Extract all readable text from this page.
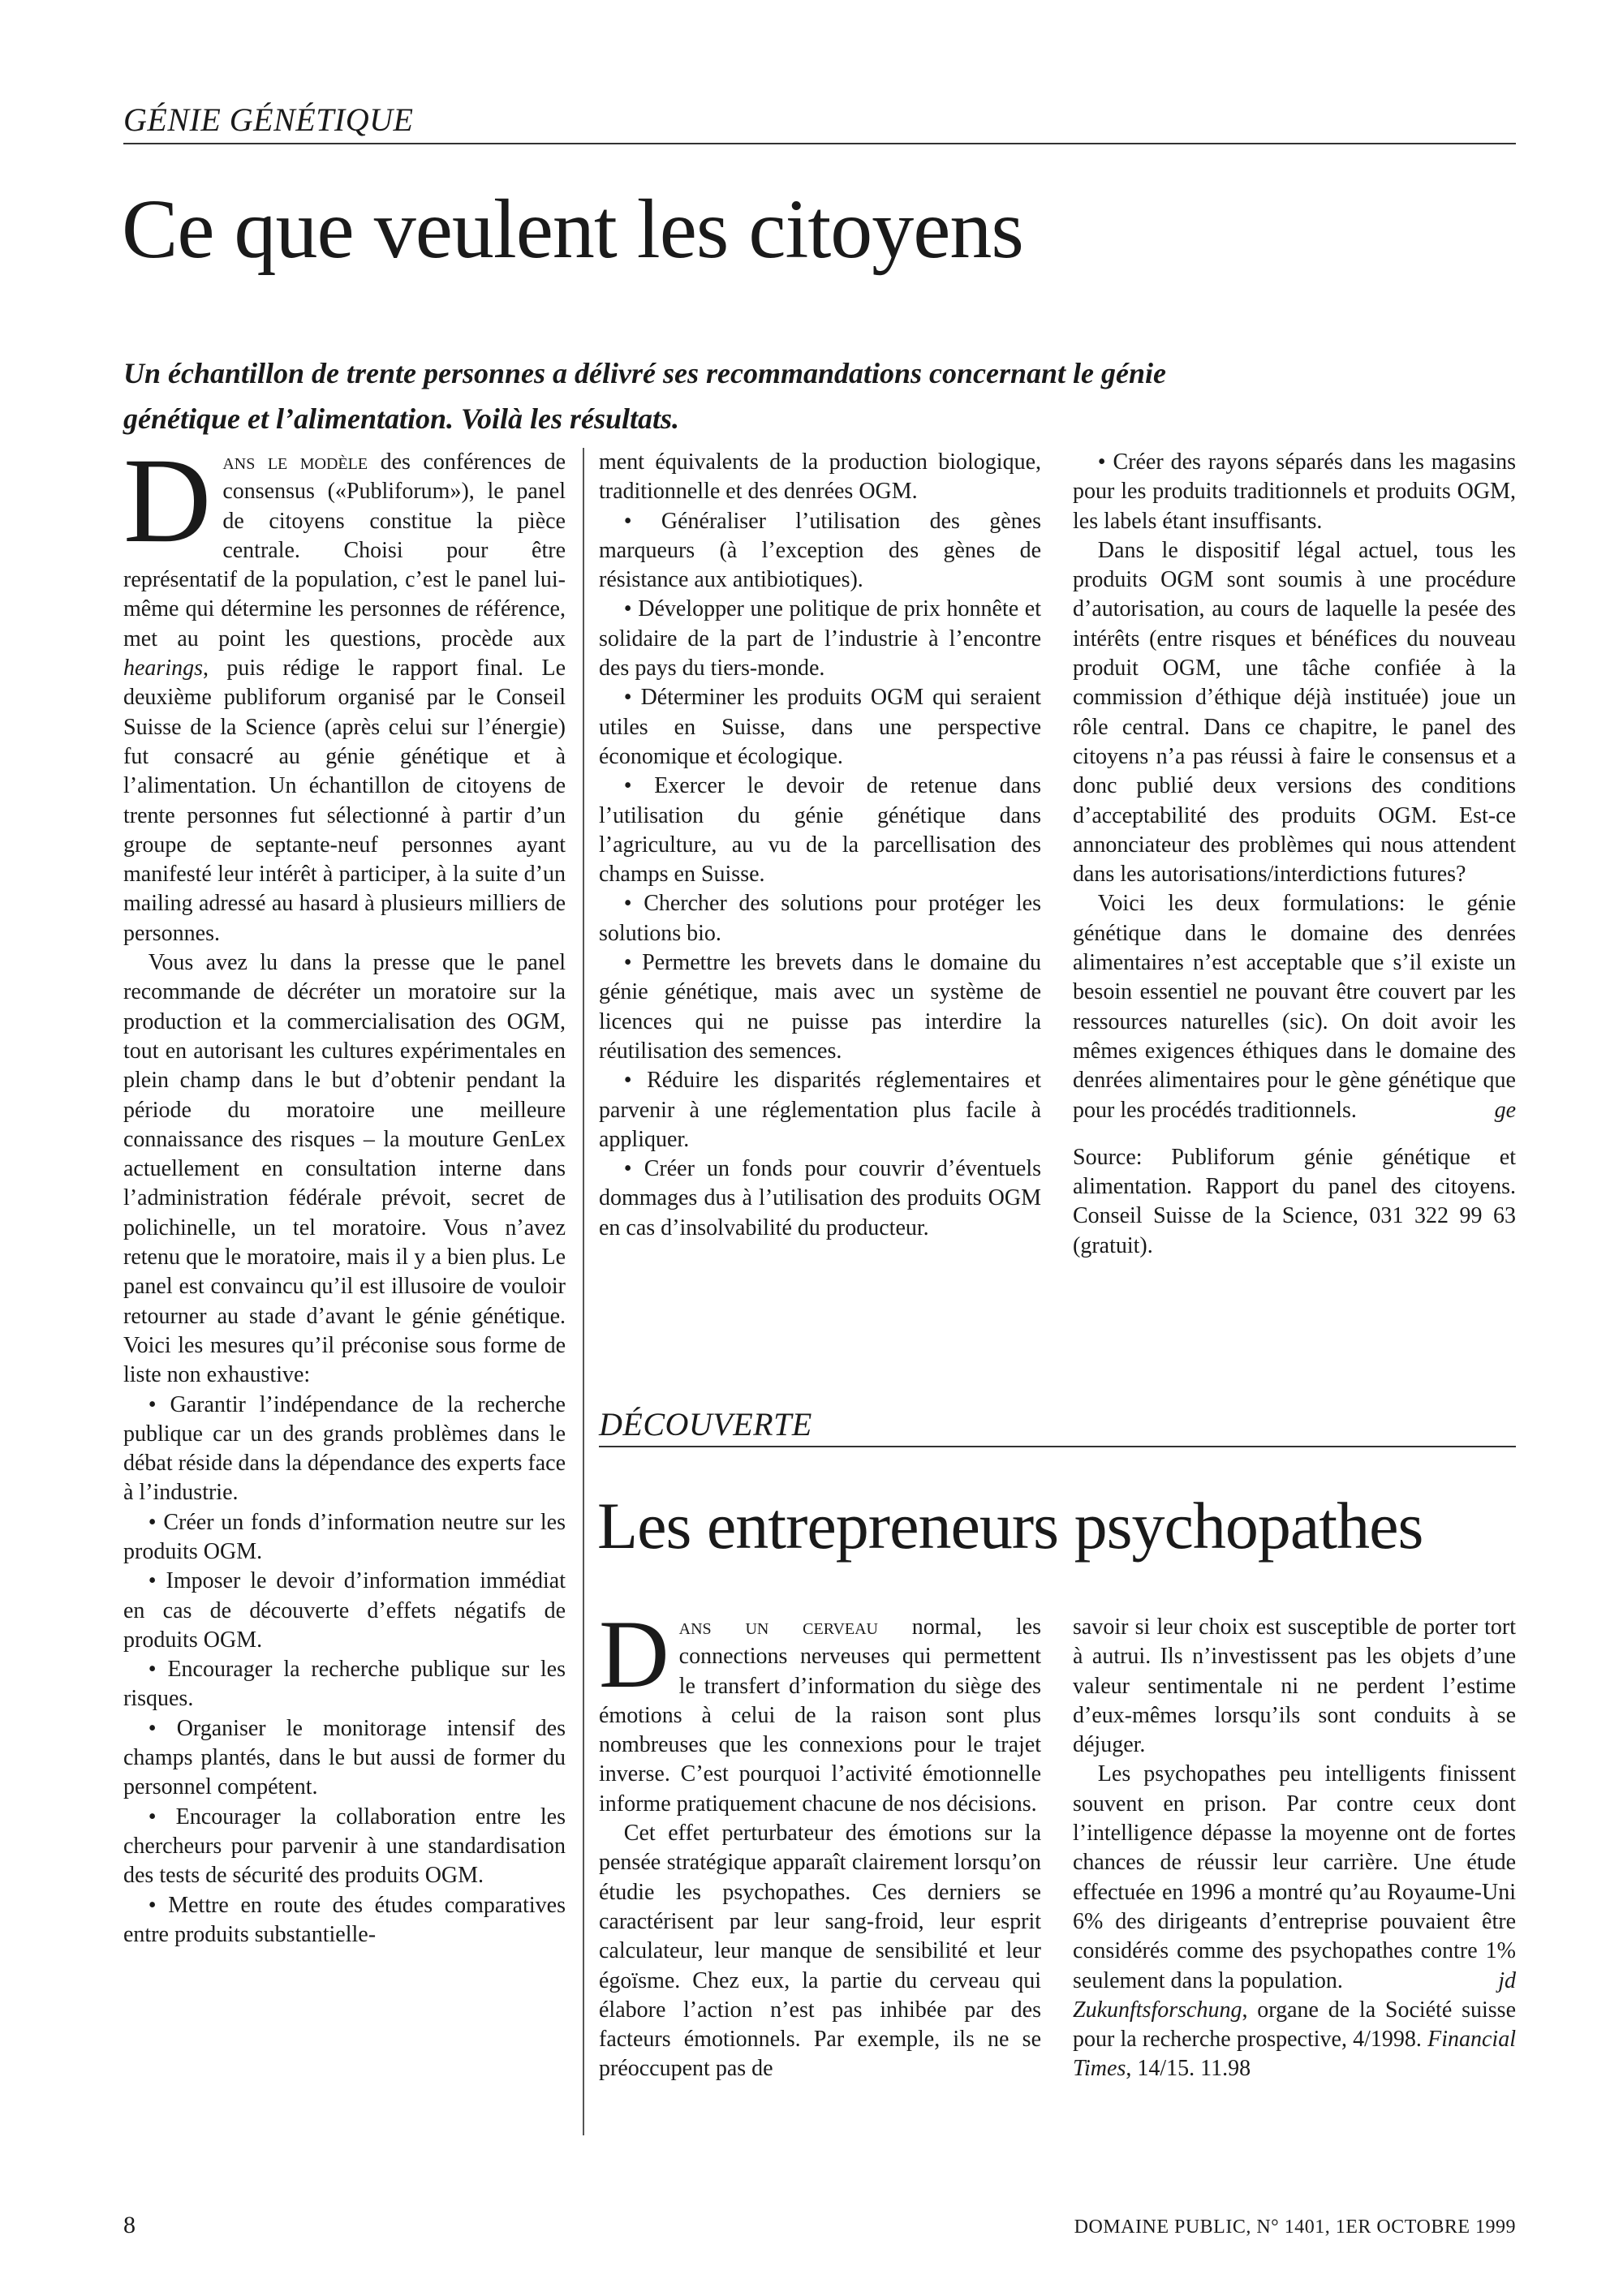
GÉNIE GÉNÉTIQUE
Ce que veulent les citoyens
Un échantillon de trente personnes a délivré ses recommandations concernant le génie génétique et l’alimentation. Voilà les résultats.

Dans le modèle des conférences de consensus («Publiforum»), le panel de citoyens constitue la pièce centrale. Choisi pour être représentatif de la population, c’est le panel lui-même qui détermine les personnes de référence, met au point les questions, procède aux hearings, puis rédige le rapport final. Le deuxième publiforum organisé par le Conseil Suisse de la Science (après celui sur l’énergie) fut consacré au génie génétique et à l’alimentation. Un échantillon de citoyens de trente personnes fut sélectionné à partir d’un groupe de septante-neuf personnes ayant manifesté leur intérêt à participer, à la suite d’un mailing adressé au hasard à plusieurs milliers de personnes.

Vous avez lu dans la presse que le panel recommande de décréter un moratoire sur la production et la commercialisation des OGM, tout en autorisant les cultures expérimentales en plein champ dans le but d’obtenir pendant la période du moratoire une meilleure connaissance des risques – la mouture GenLex actuellement en consultation interne dans l’administration fédérale prévoit, secret de polichinelle, un tel moratoire. Vous n’avez retenu que le moratoire, mais il y a bien plus. Le panel est convaincu qu’il est illusoire de vouloir retourner au stade d’avant le génie génétique. Voici les mesures qu’il préconise sous forme de liste non exhaustive:

• Garantir l’indépendance de la recherche publique car un des grands problèmes dans le débat réside dans la dépendance des experts face à l’industrie.

• Créer un fonds d’information neutre sur les produits OGM.

• Imposer le devoir d’information immédiat en cas de découverte d’effets négatifs de produits OGM.

• Encourager la recherche publique sur les risques.

• Organiser le monitorage intensif des champs plantés, dans le but aussi de former du personnel compétent.

• Encourager la collaboration entre les chercheurs pour parvenir à une standardisation des tests de sécurité des produits OGM.

• Mettre en route des études comparatives entre produits substantielle-

ment équivalents de la production biologique, traditionnelle et des denrées OGM.

• Généraliser l’utilisation des gènes marqueurs (à l’exception des gènes de résistance aux antibiotiques).

• Développer une politique de prix honnête et solidaire de la part de l’industrie à l’encontre des pays du tiers-monde.

• Déterminer les produits OGM qui seraient utiles en Suisse, dans une perspective économique et écologique.

• Exercer le devoir de retenue dans l’utilisation du génie génétique dans l’agriculture, au vu de la parcellisation des champs en Suisse.

• Chercher des solutions pour protéger les solutions bio.

• Permettre les brevets dans le domaine du génie génétique, mais avec un système de licences qui ne puisse pas interdire la réutilisation des semences.

• Réduire les disparités réglementaires et parvenir à une réglementation plus facile à appliquer.

• Créer un fonds pour couvrir d’éventuels dommages dus à l’utilisation des produits OGM en cas d’insolvabilité du producteur.

• Créer des rayons séparés dans les magasins pour les produits traditionnels et produits OGM, les labels étant insuffisants.

Dans le dispositif légal actuel, tous les produits OGM sont soumis à une procédure d’autorisation, au cours de laquelle la pesée des intérêts (entre risques et bénéfices du nouveau produit OGM, une tâche confiée à la commission d’éthique déjà instituée) joue un rôle central. Dans ce chapitre, le panel des citoyens n’a pas réussi à faire le consensus et a donc publié deux versions des conditions d’acceptabilité des produits OGM. Est-ce annonciateur des problèmes qui nous attendent dans les autorisations/interdictions futures?

Voici les deux formulations: le génie génétique dans le domaine des denrées alimentaires n’est acceptable que s’il existe un besoin essentiel ne pouvant être couvert par les ressources naturelles (sic). On doit avoir les mêmes exigences éthiques dans le domaine des denrées alimentaires pour le gène génétique que pour les procédés traditionnels.	ge

Source: Publiforum génie génétique et alimentation. Rapport du panel des citoyens. Conseil Suisse de la Science, 031 322 99 63 (gratuit).

DÉCOUVERTE
Les entrepreneurs psychopathes

Dans un cerveau normal, les connections nerveuses qui permettent le transfert d’information du siège des émotions à celui de la raison sont plus nombreuses que les connexions pour le trajet inverse. C’est pourquoi l’activité émotionnelle informe pratiquement chacune de nos décisions.

Cet effet perturbateur des émotions sur la pensée stratégique apparaît clairement lorsqu’on étudie les psychopathes. Ces derniers se caractérisent par leur sang-froid, leur esprit calculateur, leur manque de sensibilité et leur égoïsme. Chez eux, la partie du cerveau qui élabore l’action n’est pas inhibée par des facteurs émotionnels. Par exemple, ils ne se préoccupent pas de

savoir si leur choix est susceptible de porter tort à autrui. Ils n’investissent pas les objets d’une valeur sentimentale ni ne perdent l’estime d’eux-mêmes lorsqu’ils sont conduits à se déjuger.

Les psychopathes peu intelligents finissent souvent en prison. Par contre ceux dont l’intelligence dépasse la moyenne ont de fortes chances de réussir leur carrière. Une étude effectuée en 1996 a montré qu’au Royaume-Uni 6% des dirigeants d’entreprise pouvaient être considérés comme des psychopathes contre 1% seulement dans la population.	jd

Zukunftsforschung, organe de la Société suisse pour la recherche prospective, 4/1998. Financial Times, 14/15. 11.98

8	DOMAINE PUBLIC, N° 1401, 1ER OCTOBRE 1999
